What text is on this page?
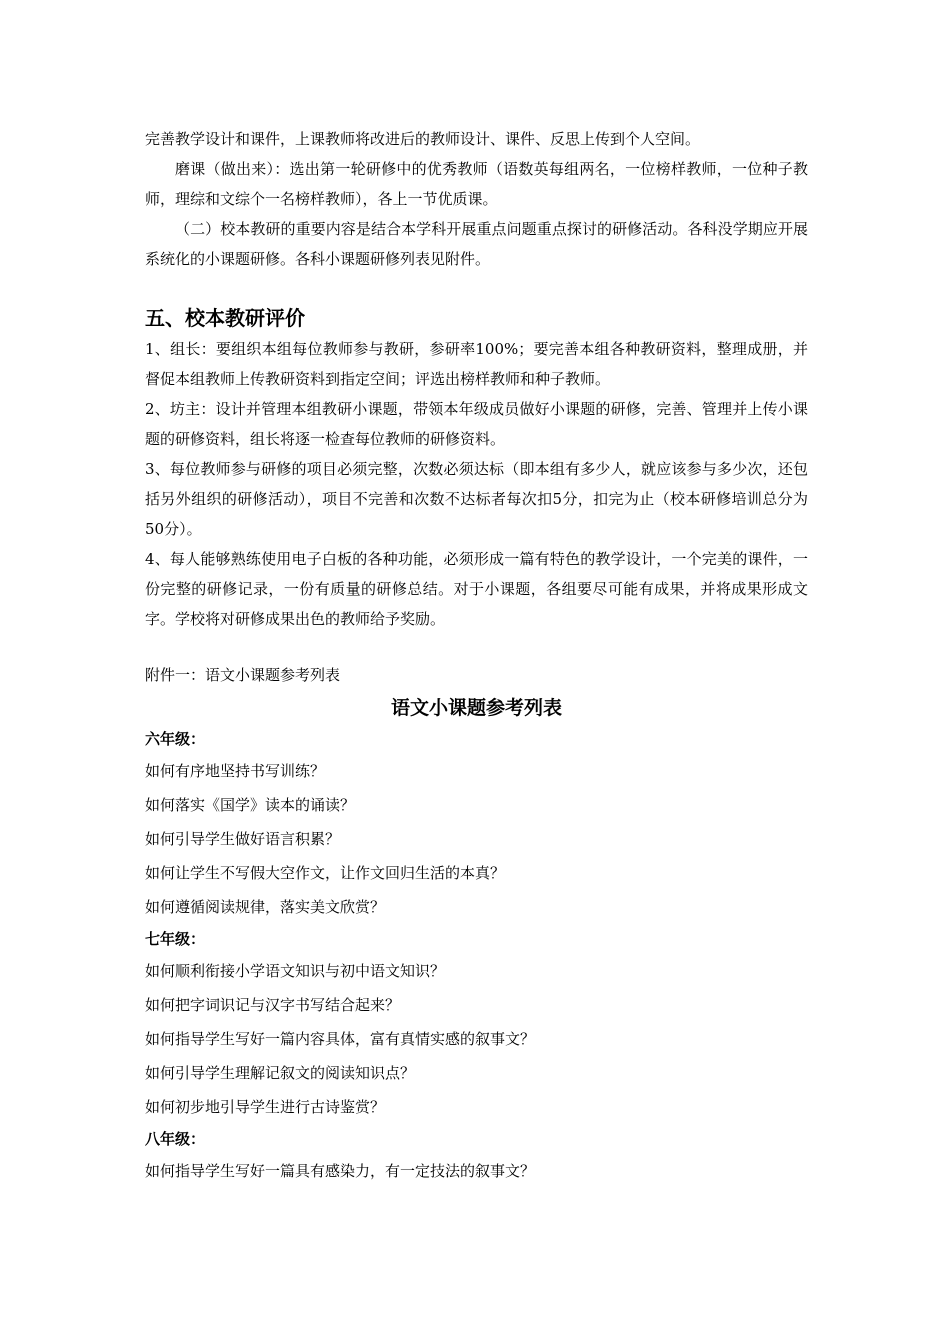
完善教学设计和课件，上课教师将改进后的教师设计、课件、反思上传到个人空间。

磨课（做出来）：选出第一轮研修中的优秀教师（语数英每组两名，一位榜样教师，一位种子教师，理综和文综个一名榜样教师），各上一节优质课。

（二）校本教研的重要内容是结合本学科开展重点问题重点探讨的研修活动。各科没学期应开展系统化的小课题研修。各科小课题研修列表见附件。

五、校本教研评价

1、组长：要组织本组每位教师参与教研，参研率100%；要完善本组各种教研资料，整理成册，并督促本组教师上传教研资料到指定空间；评选出榜样教师和种子教师。

2、坊主：设计并管理本组教研小课题，带领本年级成员做好小课题的研修，完善、管理并上传小课题的研修资料，组长将逐一检查每位教师的研修资料。

3、每位教师参与研修的项目必须完整，次数必须达标（即本组有多少人，就应该参与多少次，还包括另外组织的研修活动），项目不完善和次数不达标者每次扣5分，扣完为止（校本研修培训总分为50分）。

4、每人能够熟练使用电子白板的各种功能，必须形成一篇有特色的教学设计，一个完美的课件，一份完整的研修记录，一份有质量的研修总结。对于小课题，各组要尽可能有成果，并将成果形成文字。学校将对研修成果出色的教师给予奖励。

附件一：语文小课题参考列表

语文小课题参考列表

六年级：

如何有序地坚持书写训练？

如何落实《国学》读本的诵读？

如何引导学生做好语言积累？

如何让学生不写假大空作文，让作文回归生活的本真？

如何遵循阅读规律，落实美文欣赏？

七年级：

如何顺利衔接小学语文知识与初中语文知识？

如何把字词识记与汉字书写结合起来？

如何指导学生写好一篇内容具体，富有真情实感的叙事文？

如何引导学生理解记叙文的阅读知识点？

如何初步地引导学生进行古诗鉴赏？

八年级：

如何指导学生写好一篇具有感染力，有一定技法的叙事文？
